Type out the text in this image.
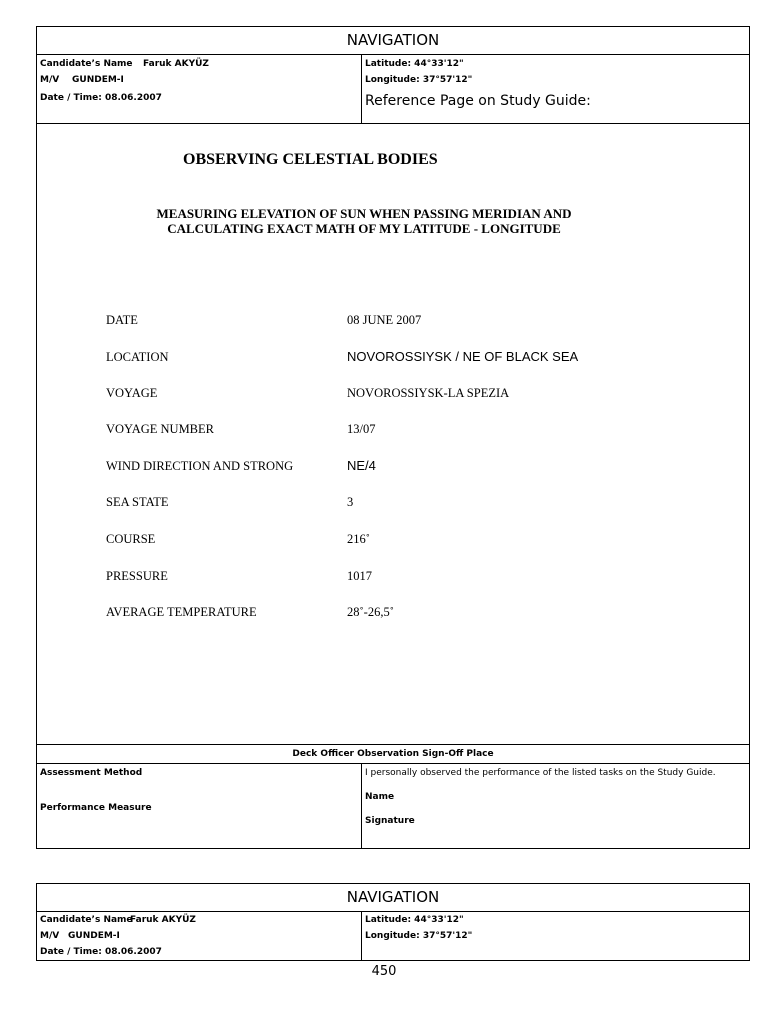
NAVIGATION
Candidate’s Name Faruk AKYÜZ
M/V GUNDEM-I
Date / Time: 08.06.2007
Latitude: 44°33'12"
Longitude: 37°57'12"
Reference Page on Study Guide:
OBSERVING CELESTIAL BODIES
MEASURING ELEVATION OF SUN WHEN PASSING MERIDIAN AND
CALCULATING EXACT MATH OF MY LATITUDE - LONGITUDE
DATE	08 JUNE 2007
LOCATION	NOVOROSSIYSK / NE OF BLACK SEA
VOYAGE	NOVOROSSIYSK-LA SPEZIA
VOYAGE NUMBER	13/07
WIND DIRECTION AND STRONG	NE/4
SEA STATE	3
COURSE	216˚
PRESSURE	1017
AVERAGE TEMPERATURE	28˚-26,5˚
Deck Officer Observation Sign-Off Place
Assessment Method
Performance Measure
I personally observed the performance of the listed tasks on the Study Guide.
Name
Signature
NAVIGATION
Candidate’s Name
Faruk AKYÜZ
M/V GUNDEM-I
Date / Time: 08.06.2007
Latitude: 44°33'12"
Longitude: 37°57'12"
450
